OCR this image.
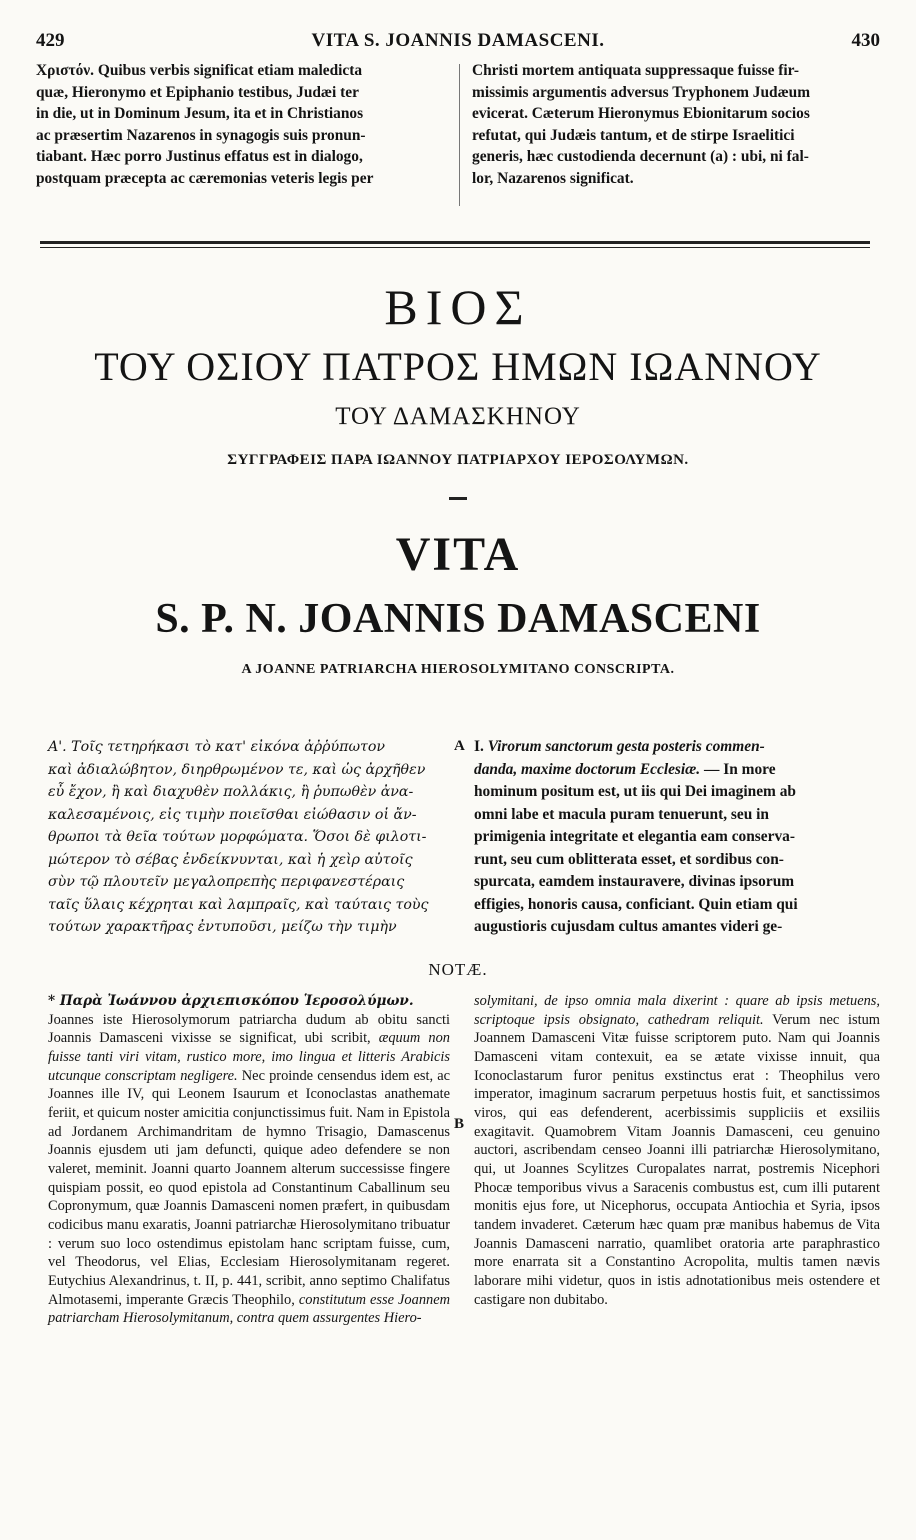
429	VITA S. JOANNIS DAMASCENI.	430

Χριστόν. Quibus verbis significat etiam maledicta

quæ, Hieronymo et Epiphanio testibus, Judæi ter

in die, ut in Dominum Jesum, ita et in Christianos

ac præsertim Nazarenos in synagogis suis pronun-

tiabant. Hæc porro Justinus effatus est in dialogo,

postquam præcepta ac cæremonias veteris legis per

Christi mortem antiquata suppressaque fuisse fir-

missimis argumentis adversus Tryphonem Judæum

evicerat. Cæterum Hieronymus Ebionitarum socios

refutat, qui Judæis tantum, et de stirpe Israelitici

generis, hæc custodienda decernunt (a) : ubi, ni fal-

lor, Nazarenos significat.

ΒΙΟΣ
ΤΟΥ ΟΣΙΟΥ ΠΑΤΡΟΣ ΗΜΩΝ ΙΩΑΝΝΟΥ
ΤΟΥ ΔΑΜΑΣΚΗΝΟΥ
ΣΥΓΓΡΑΦΕΙΣ ΠΑΡΑ ΙΩΑΝΝΟΥ ΠΑΤΡΙΑΡΧΟΥ ΙΕΡΟΣΟΛΥΜΩΝ.
VITA
S. P. N. JOANNIS DAMASCENI
A JOANNE PATRIARCHA HIEROSOLYMITANO CONSCRIPTA.

Α'. Τοῖς τετηρήκασι τὸ κατ' εἰκόνα ἀῤῥύπωτον

καὶ ἀδιαλώβητον, διηρθρωμένον τε, καὶ ὡς ἀρχῆθεν

εὖ ἔχον, ἢ καὶ διαχυθὲν πολλάκις, ἢ ῥυπωθὲν ἀνα-

καλεσαμένοις, εἰς τιμὴν ποιεῖσθαι εἰώθασιν οἱ ἄν-

θρωποι τὰ θεῖα τούτων μορφώματα. Ὅσοι δὲ φιλοτι-

μώτερον τὸ σέβας ἐνδείκνυνται, καὶ ἡ χεὶρ αὐτοῖς

σὺν τῷ πλουτεῖν μεγαλοπρεπὴς περιφανεστέραις

ταῖς ὕλαις κέχρηται καὶ λαμπραῖς, καὶ ταύταις τοὺς

τούτων χαρακτῆρας ἐντυποῦσι, μείζω τὴν τιμὴν

A I. Virorum sanctorum gesta posteris commen-

danda, maxime doctorum Ecclesiæ. — In more

hominum positum est, ut iis qui Dei imaginem ab

omni labe et macula puram tenuerunt, seu in

primigenia integritate et elegantia eam conserva-

runt, seu cum oblitterata esset, et sordibus con-

spurcata, eamdem instauravere, divinas ipsorum

effigies, honoris causa, conficiant. Quin etiam qui

augustioris cujusdam cultus amantes videri ge-

NOTÆ.

* Παρὰ Ἰωάννου ἀρχιεπισκόπου Ἱεροσολύμων.

Joannes iste Hierosolymorum patriarcha dudum ab obitu sancti Joannis Damasceni vixisse se significat, ubi scribit, æquum non fuisse tanti viri vitam, rustico more, imo lingua et litteris Arabicis utcunque conscriptam negligere. Nec proinde censendus idem est, ac Joannes ille IV, qui Leonem Isaurum et Iconoclastas anathemate feriit, et quicum noster amicitia conjunctissimus fuit. Nam in Epistola ad Jordanem Archimandritam de hymno Trisagio, Damascenus Joannis ejusdem uti jam defuncti, quique adeo defendere se non valeret, meminit. Joanni quarto Joannem alterum successisse fingere quispiam possit, eo quod epistola ad Constantinum Caballinum seu Copronymum, quæ Joannis Damasceni nomen præfert, in quibusdam codicibus manu exaratis, Joanni patriarchæ Hierosolymitano tribuatur : verum suo loco ostendimus epistolam hanc scriptam fuisse, cum, vel Theodorus, vel Elias, Ecclesiam Hierosolymitanam regeret. Eutychius Alexandrinus, t. II, p. 441, scribit, anno septimo Chalifatus Almotasemi, imperante Græcis Theophilo, constitutum esse Joannem patriarcham Hierosolymitanum, contra quem assurgentes Hiero-

B

solymitani, de ipso omnia mala dixerint : quare ab ipsis metuens, scriptoque ipsis obsignato, cathedram reliquit. Verum nec istum Joannem Damasceni Vitæ fuisse scriptorem puto. Nam qui Joannis Damasceni vitam contexuit, ea se ætate vixisse innuit, qua Iconoclastarum furor penitus exstinctus erat : Theophilus vero imperator, imaginum sacrarum perpetuus hostis fuit, et sanctissimos viros, qui eas defenderent, acerbissimis suppliciis et exsiliis exagitavit. Quamobrem Vitam Joannis Damasceni, ceu genuino auctori, ascribendam censeo Joanni illi patriarchæ Hierosolymitano, qui, ut Joannes Scylitzes Curopalates narrat, postremis Nicephori Phocæ temporibus vivus a Saracenis combustus est, cum illi putarent monitis ejus fore, ut Nicephorus, occupata Antiochia et Syria, ipsos tandem invaderet. Cæterum hæc quam præ manibus habemus de Vita Joannis Damasceni narratio, quamlibet oratoria arte paraphrastico more enarrata sit a Constantino Acropolita, multis tamen nævis laborare mihi videtur, quos in istis adnotationibus meis ostendere et castigare non dubitabo.
